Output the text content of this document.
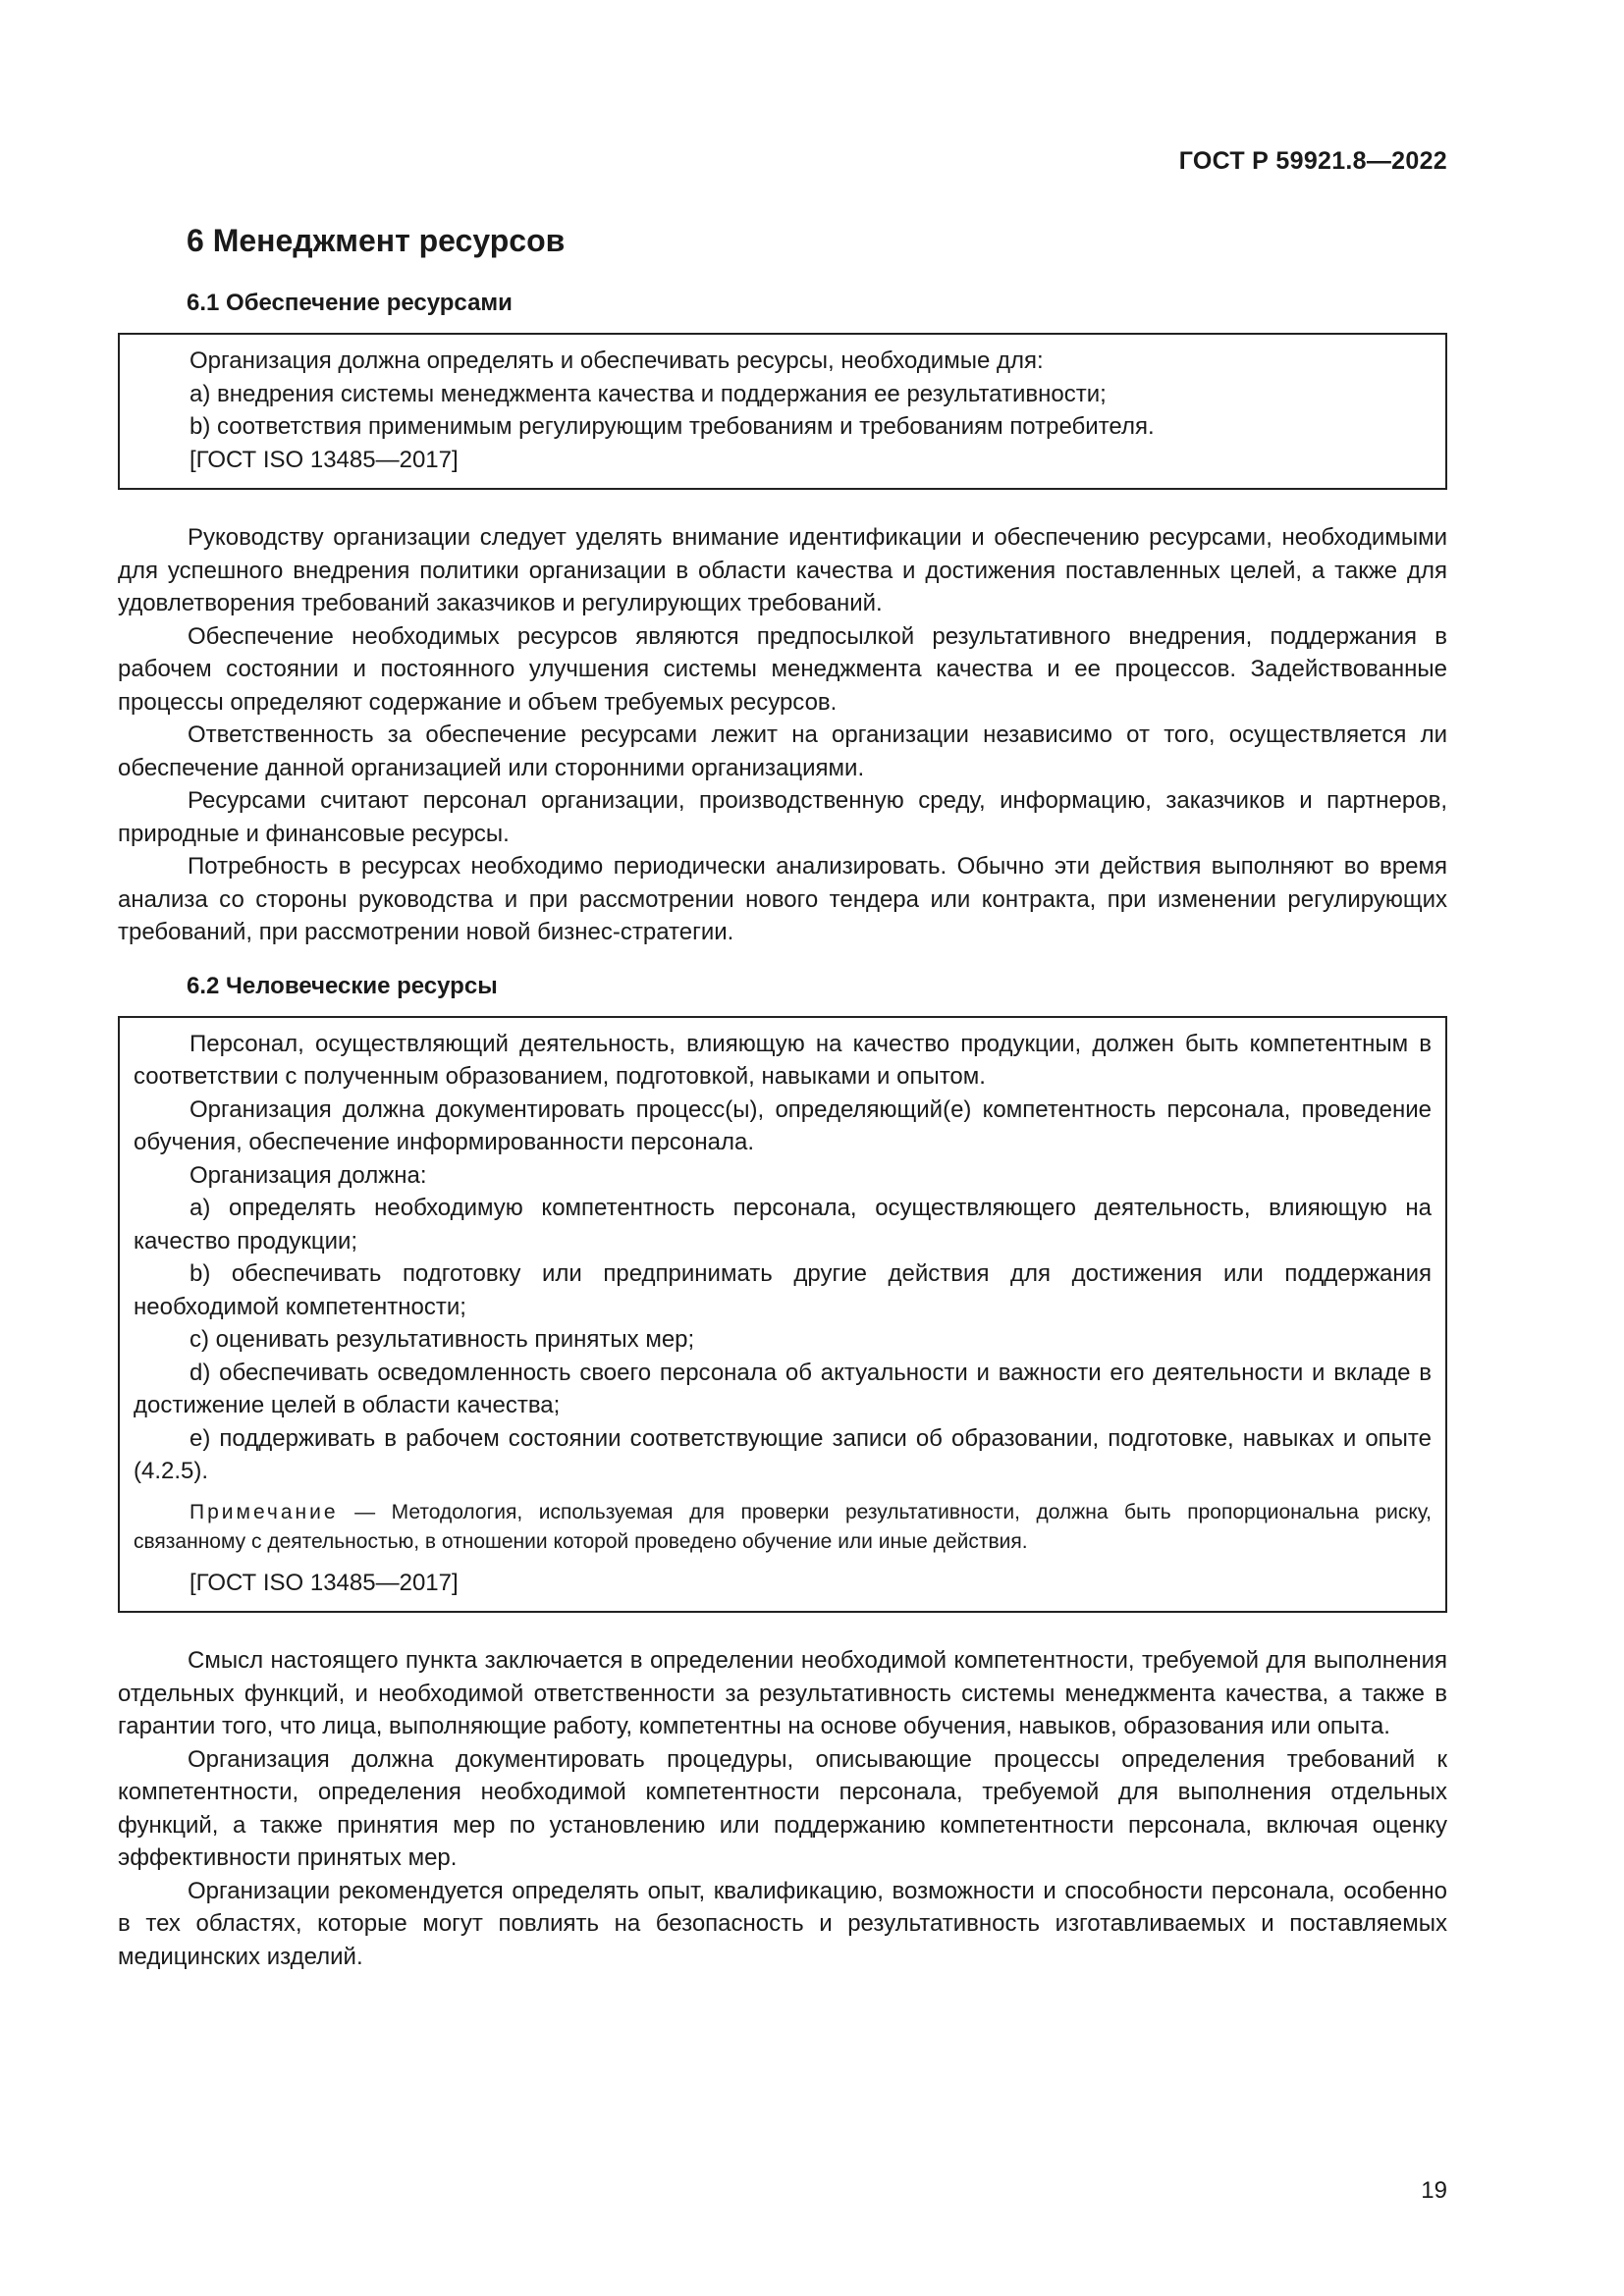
ГОСТ Р 59921.8—2022
6 Менеджмент ресурсов
6.1 Обеспечение ресурсами
Организация должна определять и обеспечивать ресурсы, необходимые для:
a) внедрения системы менеджмента качества и поддержания ее результативности;
b) соответствия применимым регулирующим требованиям и требованиям потребителя.
[ГОСТ ISO 13485—2017]

Руководству организации следует уделять внимание идентификации и обеспечению ресурсами, необходимыми для успешного внедрения политики организации в области качества и достижения поставленных целей, а также для удовлетворения требований заказчиков и регулирующих требований.

Обеспечение необходимых ресурсов являются предпосылкой результативного внедрения, поддержания в рабочем состоянии и постоянного улучшения системы менеджмента качества и ее процессов. Задействованные процессы определяют содержание и объем требуемых ресурсов.

Ответственность за обеспечение ресурсами лежит на организации независимо от того, осуществляется ли обеспечение данной организацией или сторонними организациями.

Ресурсами считают персонал организации, производственную среду, информацию, заказчиков и партнеров, природные и финансовые ресурсы.

Потребность в ресурсах необходимо периодически анализировать. Обычно эти действия выполняют во время анализа со стороны руководства и при рассмотрении нового тендера или контракта, при изменении регулирующих требований, при рассмотрении новой бизнес-стратегии.

6.2 Человеческие ресурсы

Персонал, осуществляющий деятельность, влияющую на качество продукции, должен быть компетентным в соответствии с полученным образованием, подготовкой, навыками и опытом.

Организация должна документировать процесс(ы), определяющий(е) компетентность персонала, проведение обучения, обеспечение информированности персонала.

Организация должна:

a) определять необходимую компетентность персонала, осуществляющего деятельность, влияющую на качество продукции;

b) обеспечивать подготовку или предпринимать другие действия для достижения или поддержания необходимой компетентности;

c) оценивать результативность принятых мер;

d) обеспечивать осведомленность своего персонала об актуальности и важности его деятельности и вкладе в достижение целей в области качества;

e) поддерживать в рабочем состоянии соответствующие записи об образовании, подготовке, навыках и опыте (4.2.5).

Примечание — Методология, используемая для проверки результативности, должна быть пропорциональна риску, связанному с деятельностью, в отношении которой проведено обучение или иные действия.

[ГОСТ ISO 13485—2017]

Смысл настоящего пункта заключается в определении необходимой компетентности, требуемой для выполнения отдельных функций, и необходимой ответственности за результативность системы менеджмента качества, а также в гарантии того, что лица, выполняющие работу, компетентны на основе обучения, навыков, образования или опыта.

Организация должна документировать процедуры, описывающие процессы определения требований к компетентности, определения необходимой компетентности персонала, требуемой для выполнения отдельных функций, а также принятия мер по установлению или поддержанию компетентности персонала, включая оценку эффективности принятых мер.

Организации рекомендуется определять опыт, квалификацию, возможности и способности персонала, особенно в тех областях, которые могут повлиять на безопасность и результативность изготавливаемых и поставляемых медицинских изделий.

19
